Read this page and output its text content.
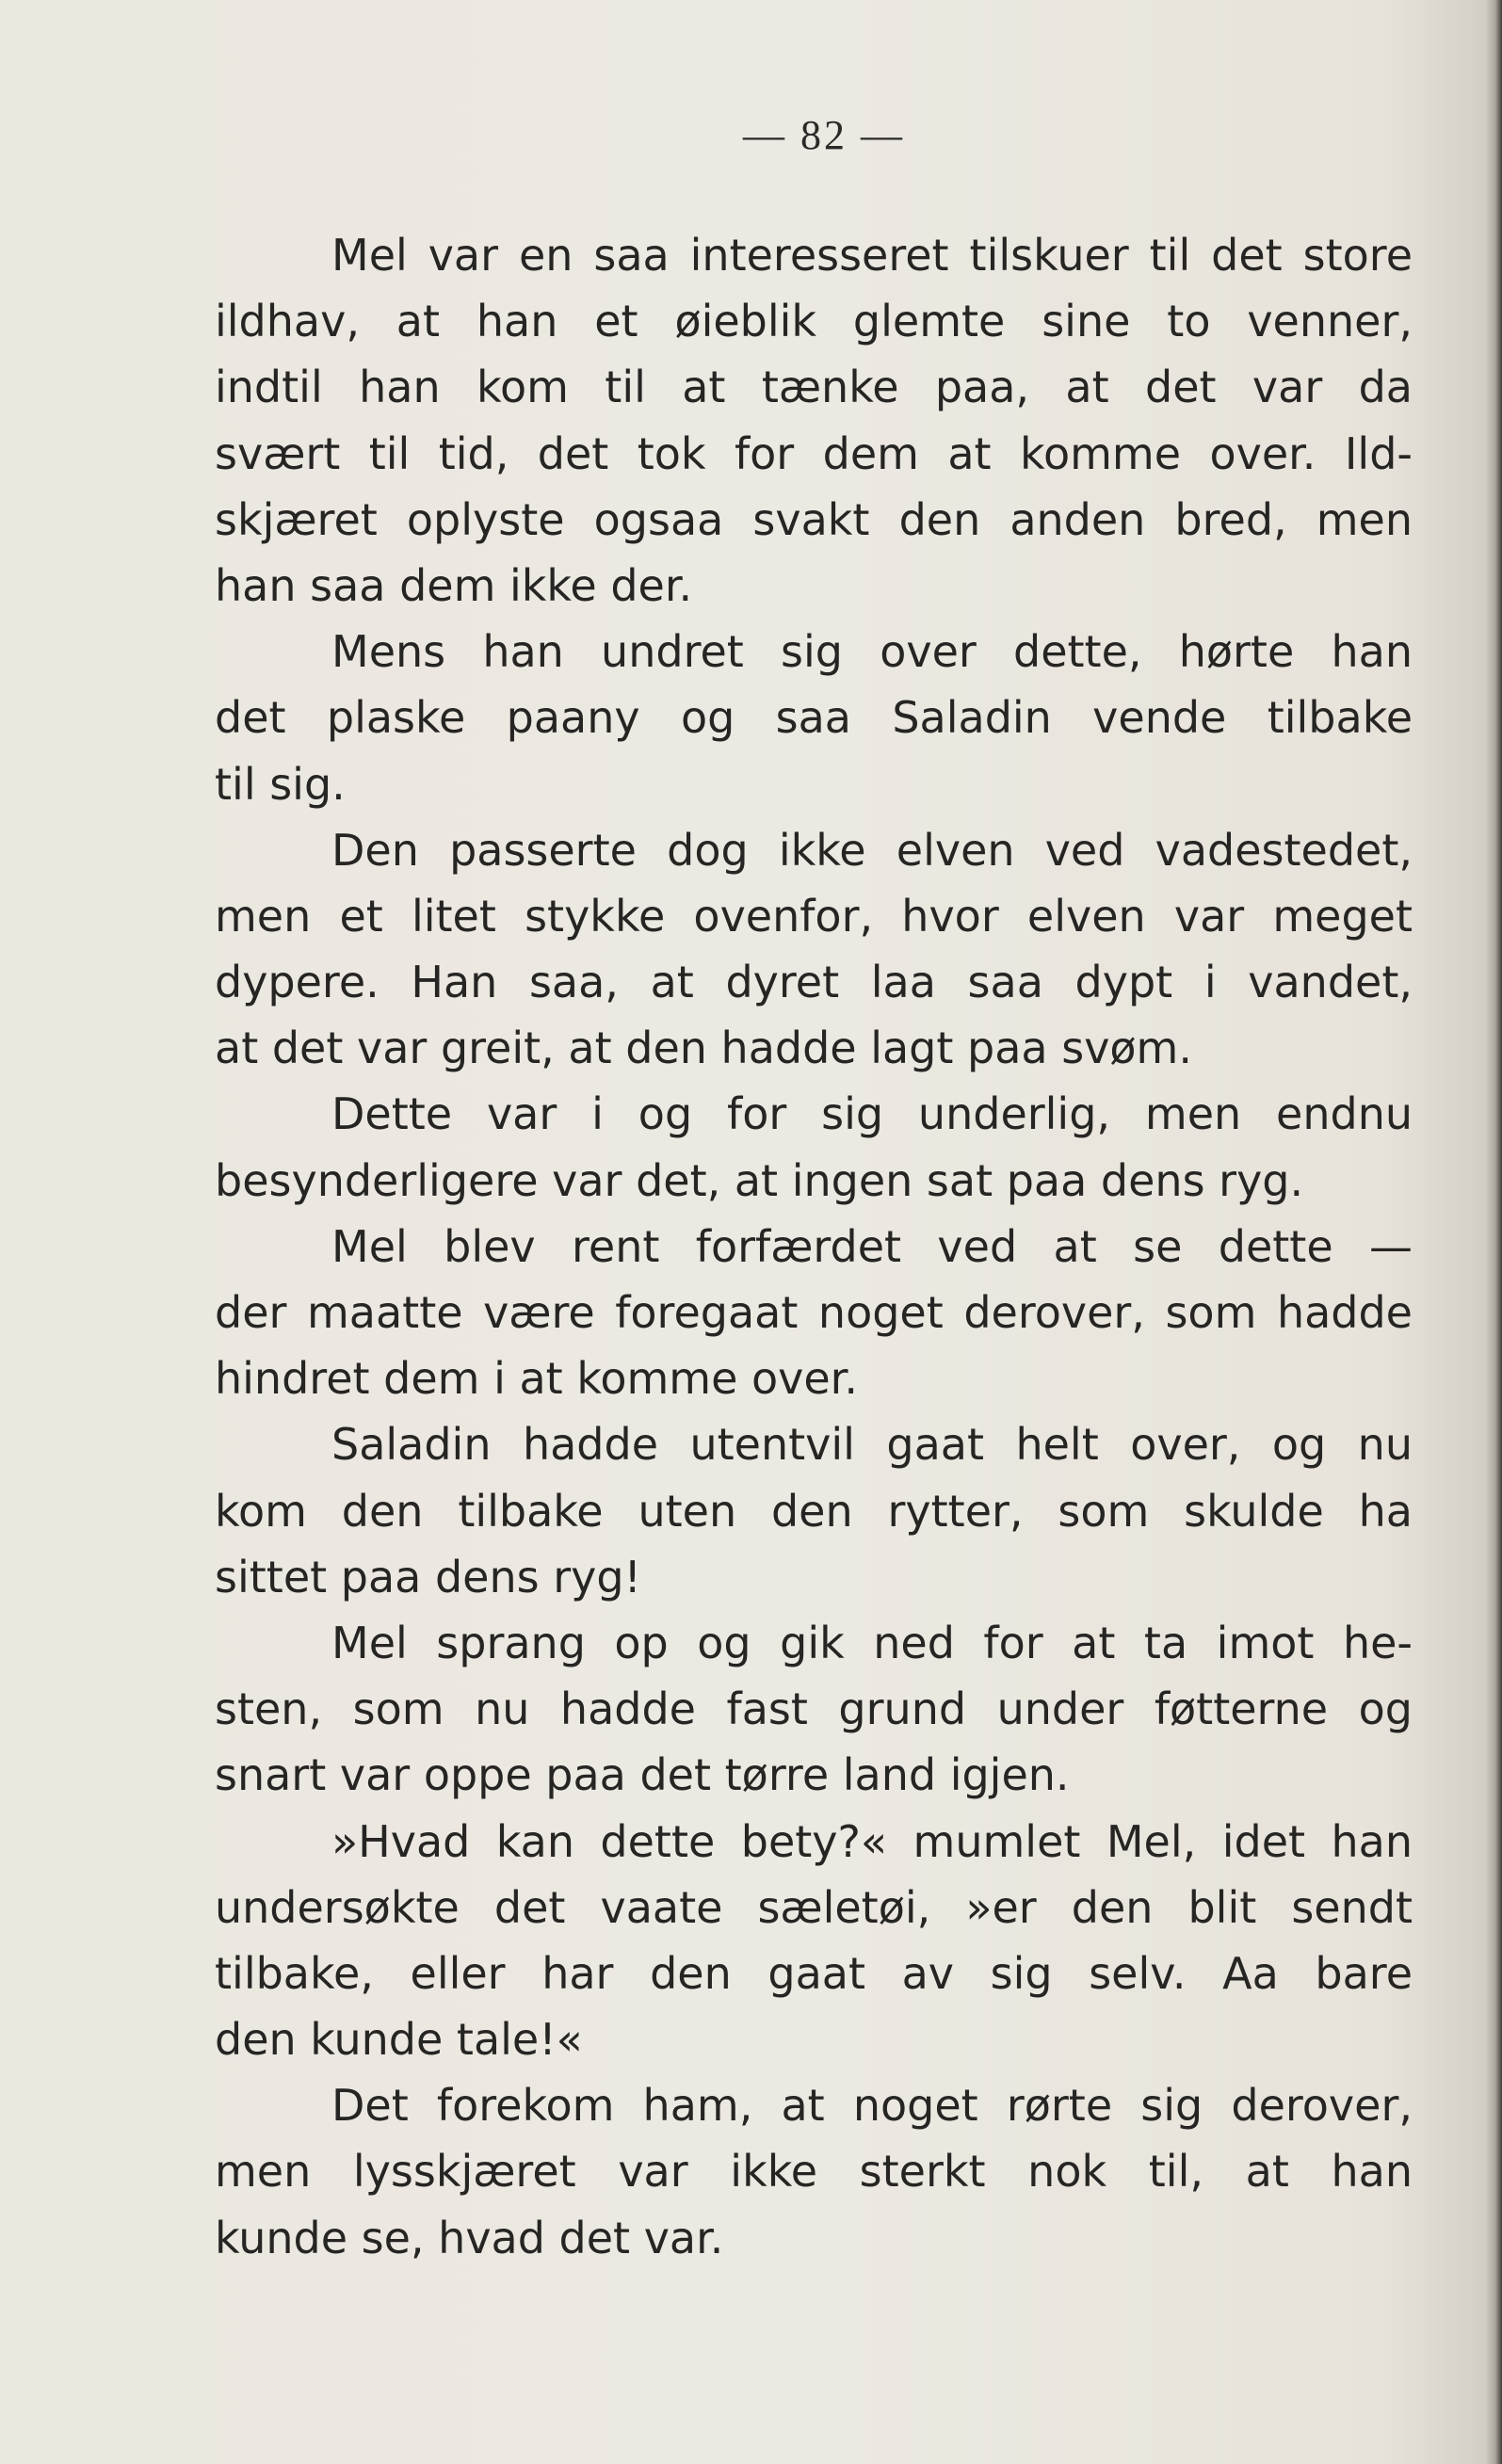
— 82 —
Mel var en saa interesseret tilskuer til det store
ildhav, at han et øieblik glemte sine to venner,
indtil han kom til at tænke paa, at det var da
svært til tid, det tok for dem at komme over. Ild-
skjæret oplyste ogsaa svakt den anden bred, men
han saa dem ikke der.
Mens han undret sig over dette, hørte han
det plaske paany og saa Saladin vende tilbake
til sig.
Den passerte dog ikke elven ved vadestedet,
men et litet stykke ovenfor, hvor elven var meget
dypere. Han saa, at dyret laa saa dypt i vandet,
at det var greit, at den hadde lagt paa svøm.
Dette var i og for sig underlig, men endnu
besynderligere var det, at ingen sat paa dens ryg.
Mel blev rent forfærdet ved at se dette —
der maatte være foregaat noget derover, som hadde
hindret dem i at komme over.
Saladin hadde utentvil gaat helt over, og nu
kom den tilbake uten den rytter, som skulde ha
sittet paa dens ryg!
Mel sprang op og gik ned for at ta imot he-
sten, som nu hadde fast grund under føtterne og
snart var oppe paa det tørre land igjen.
»Hvad kan dette bety?« mumlet Mel, idet han
undersøkte det vaate sæletøi, »er den blit sendt
tilbake, eller har den gaat av sig selv. Aa bare
den kunde tale!«
Det forekom ham, at noget rørte sig derover,
men lysskjæret var ikke sterkt nok til, at han
kunde se, hvad det var.
